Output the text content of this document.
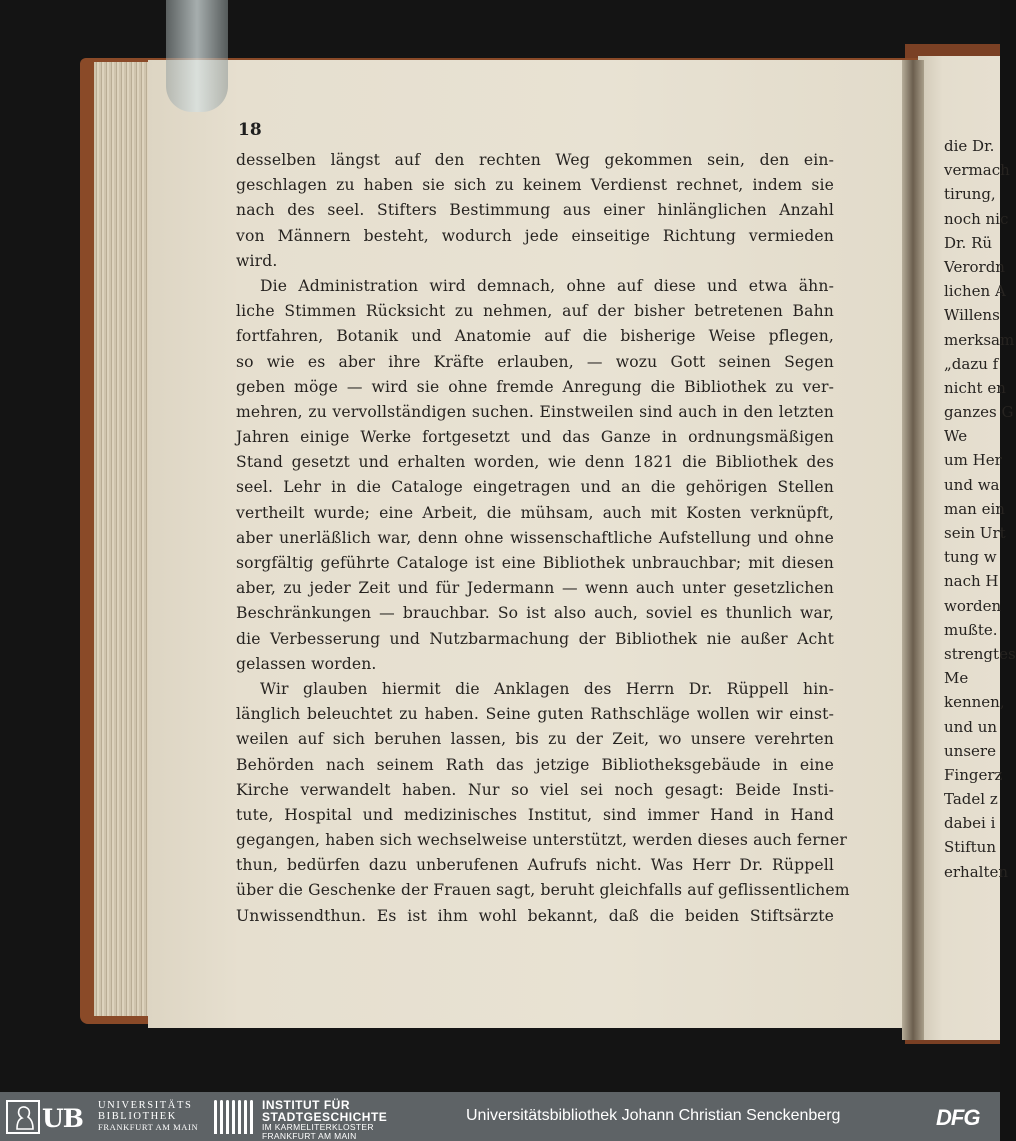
18
desselben längst auf den rechten Weg gekommen sein, den ein-
geschlagen zu haben sie sich zu keinem Verdienst rechnet, indem sie
nach des seel. Stifters Bestimmung aus einer hinlänglichen Anzahl
von Männern besteht, wodurch jede einseitige Richtung vermieden
wird.
Die Administration wird demnach, ohne auf diese und etwa ähn-
liche Stimmen Rücksicht zu nehmen, auf der bisher betretenen Bahn
fortfahren, Botanik und Anatomie auf die bisherige Weise pflegen,
so wie es aber ihre Kräfte erlauben, — wozu Gott seinen Segen
geben möge — wird sie ohne fremde Anregung die Bibliothek zu ver-
mehren, zu vervollständigen suchen. Einstweilen sind auch in den letzten
Jahren einige Werke fortgesetzt und das Ganze in ordnungsmäßigen
Stand gesetzt und erhalten worden, wie denn 1821 die Bibliothek des
seel. Lehr in die Cataloge eingetragen und an die gehörigen Stellen
vertheilt wurde; eine Arbeit, die mühsam, auch mit Kosten verknüpft,
aber unerläßlich war, denn ohne wissenschaftliche Aufstellung und ohne
sorgfältig geführte Cataloge ist eine Bibliothek unbrauchbar; mit diesen
aber, zu jeder Zeit und für Jedermann — wenn auch unter gesetzlichen
Beschränkungen — brauchbar. So ist also auch, soviel es thunlich war,
die Verbesserung und Nutzbarmachung der Bibliothek nie außer Acht
gelassen worden.
Wir glauben hiermit die Anklagen des Herrn Dr. Rüppell hin-
länglich beleuchtet zu haben. Seine guten Rathschläge wollen wir einst-
weilen auf sich beruhen lassen, bis zu der Zeit, wo unsere verehrten
Behörden nach seinem Rath das jetzige Bibliotheksgebäude in eine
Kirche verwandelt haben. Nur so viel sei noch gesagt: Beide Insti-
tute, Hospital und medizinisches Institut, sind immer Hand in Hand
gegangen, haben sich wechselweise unterstützt, werden dieses auch ferner
thun, bedürfen dazu unberufenen Aufrufs nicht. Was Herr Dr. Rüppell
über die Geschenke der Frauen sagt, beruht gleichfalls auf geflissentlichem
Unwissendthun. Es ist ihm wohl bekannt, daß die beiden Stiftsärzte
die Dr.
vermach
tirung,
noch nic
Dr. Rü
Verordn
lichen A
Willens
merksam
„dazu f
nicht en
ganzes G
We
um Her
und wa
man ein
sein Urt
tung w
nach H
worden
mußte.
strengtes
Me
kennen,
und un
unsere
Fingerz
Tadel z
dabei i
Stiftun
erhalten
UB UNIVERSITÄTS
BIBLIOTHEK
FRANKFURT AM MAIN
INSTITUT FÜR
STADTGESCHICHTE
IM KARMELITERKLOSTER
FRANKFURT AM MAIN
Universitätsbibliothek Johann Christian Senckenberg	DFG
